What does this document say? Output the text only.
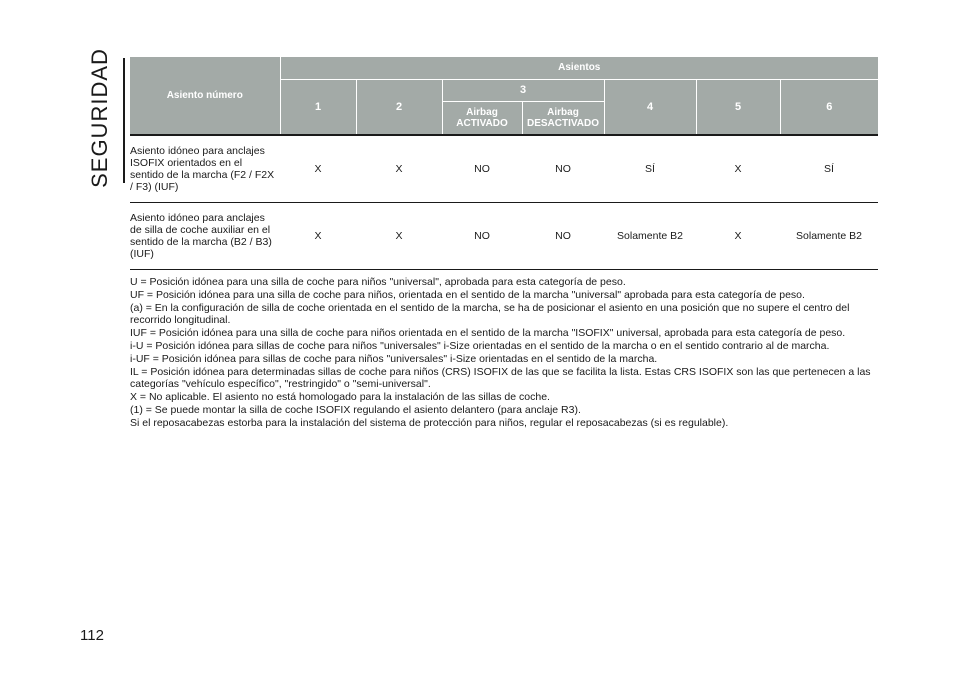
SEGURIDAD	Asiento número	Asientos						
	1	2	3		4	5	6
			Airbag ACTIVADO	Airbag DESACTIVADO			
Asiento idóneo para anclajes ISOFIX orientados en el sentido de la marcha (F2 / F2X / F3) (IUF)	X	X	NO	NO	SÍ	X	SÍ
Asiento idóneo para anclajes de silla de coche auxiliar en el sentido de la marcha (B2 / B3) (IUF)	X	X	NO	NO	Solamente B2	X	Solamente B2

U = Posición idónea para una silla de coche para niños "universal", aprobada para esta categoría de peso.

UF = Posición idónea para una silla de coche para niños, orientada en el sentido de la marcha "universal" aprobada para esta categoría de peso.

(a) = En la configuración de silla de coche orientada en el sentido de la marcha, se ha de posicionar el asiento en una posición que no supere el centro del recorrido longitudinal.

IUF = Posición idónea para una silla de coche para niños orientada en el sentido de la marcha "ISOFIX" universal, aprobada para esta categoría de peso.

i-U = Posición idónea para sillas de coche para niños "universales" i-Size orientadas en el sentido de la marcha o en el sentido contrario al de marcha.

i-UF = Posición idónea para sillas de coche para niños "universales" i-Size orientadas en el sentido de la marcha.

IL = Posición idónea para determinadas sillas de coche para niños (CRS) ISOFIX de las que se facilita la lista. Estas CRS ISOFIX son las que pertenecen a las categorías "vehículo específico", "restringido" o "semi-universal".

X = No aplicable. El asiento no está homologado para la instalación de las sillas de coche.

(1) = Se puede montar la silla de coche ISOFIX regulando el asiento delantero (para anclaje R3).

Si el reposacabezas estorba para la instalación del sistema de protección para niños, regular el reposacabezas (si es regulable).

112
